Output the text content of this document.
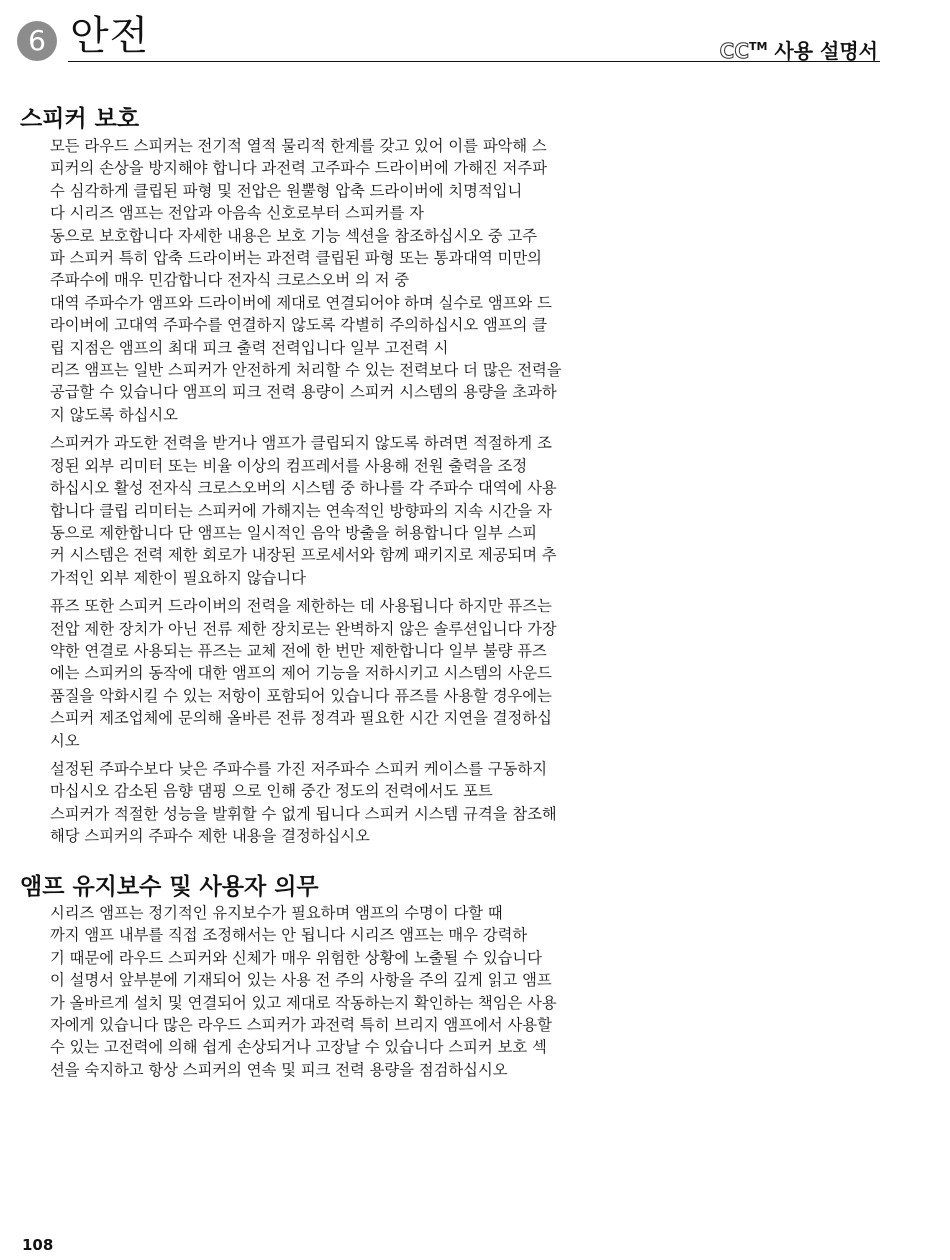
6 안전	CC™ 사용 설명서
스피커 보호

모든 라우드 스피커는 전기적 열적 물리적 한계를 갖고 있어 이를 파악해 스
피커의 손상을 방지해야 합니다 과전력 고주파수 드라이버에 가해진 저주파
수 심각하게 클립된 파형 및 전압은 원뿔형 압축 드라이버에 치명적입니
다 시리즈 앰프는 전압과 아음속 신호로부터 스피커를 자
동으로 보호합니다 자세한 내용은 보호 기능 섹션을 참조하십시오 중 고주
파 스피커 특히 압축 드라이버는 과전력 클립된 파형 또는 통과대역 미만의
주파수에 매우 민감합니다 전자식 크로스오버 의 저 중
대역 주파수가 앰프와 드라이버에 제대로 연결되어야 하며 실수로 앰프와 드
라이버에 고대역 주파수를 연결하지 않도록 각별히 주의하십시오 앰프의 클
립 지점은 앰프의 최대 피크 출력 전력입니다 일부 고전력 시
리즈 앰프는 일반 스피커가 안전하게 처리할 수 있는 전력보다 더 많은 전력을
공급할 수 있습니다 앰프의 피크 전력 용량이 스피커 시스템의 용량을 초과하
지 않도록 하십시오

스피커가 과도한 전력을 받거나 앰프가 클립되지 않도록 하려면 적절하게 조
정된 외부 리미터 또는 비율 이상의 컴프레서를 사용해 전원 출력을 조정
하십시오 활성 전자식 크로스오버의 시스템 중 하나를 각 주파수 대역에 사용
합니다 클립 리미터는 스피커에 가해지는 연속적인 방향파의 지속 시간을 자
동으로 제한합니다 단 앰프는 일시적인 음악 방출을 허용합니다 일부 스피
커 시스템은 전력 제한 회로가 내장된 프로세서와 함께 패키지로 제공되며 추
가적인 외부 제한이 필요하지 않습니다

퓨즈 또한 스피커 드라이버의 전력을 제한하는 데 사용됩니다 하지만 퓨즈는
전압 제한 장치가 아닌 전류 제한 장치로는 완벽하지 않은 솔루션입니다 가장
약한 연결로 사용되는 퓨즈는 교체 전에 한 번만 제한합니다 일부 불량 퓨즈
에는 스피커의 동작에 대한 앰프의 제어 기능을 저하시키고 시스템의 사운드
품질을 악화시킬 수 있는 저항이 포함되어 있습니다 퓨즈를 사용할 경우에는
스피커 제조업체에 문의해 올바른 전류 정격과 필요한 시간 지연을 결정하십
시오

설정된 주파수보다 낮은 주파수를 가진 저주파수 스피커 케이스를 구동하지
마십시오 감소된 음향 댐핑 으로 인해 중간 정도의 전력에서도 포트
스피커가 적절한 성능을 발휘할 수 없게 됩니다 스피커 시스템 규격을 참조해
해당 스피커의 주파수 제한 내용을 결정하십시오

앰프 유지보수 및 사용자 의무

시리즈 앰프는 정기적인 유지보수가 필요하며 앰프의 수명이 다할 때
까지 앰프 내부를 직접 조정해서는 안 됩니다 시리즈 앰프는 매우 강력하
기 때문에 라우드 스피커와 신체가 매우 위험한 상황에 노출될 수 있습니다
이 설명서 앞부분에 기재되어 있는 사용 전 주의 사항을 주의 깊게 읽고 앰프
가 올바르게 설치 및 연결되어 있고 제대로 작동하는지 확인하는 책임은 사용
자에게 있습니다 많은 라우드 스피커가 과전력 특히 브리지 앰프에서 사용할
수 있는 고전력에 의해 쉽게 손상되거나 고장날 수 있습니다 스피커 보호 섹
션을 숙지하고 항상 스피커의 연속 및 피크 전력 용량을 점검하십시오

108
